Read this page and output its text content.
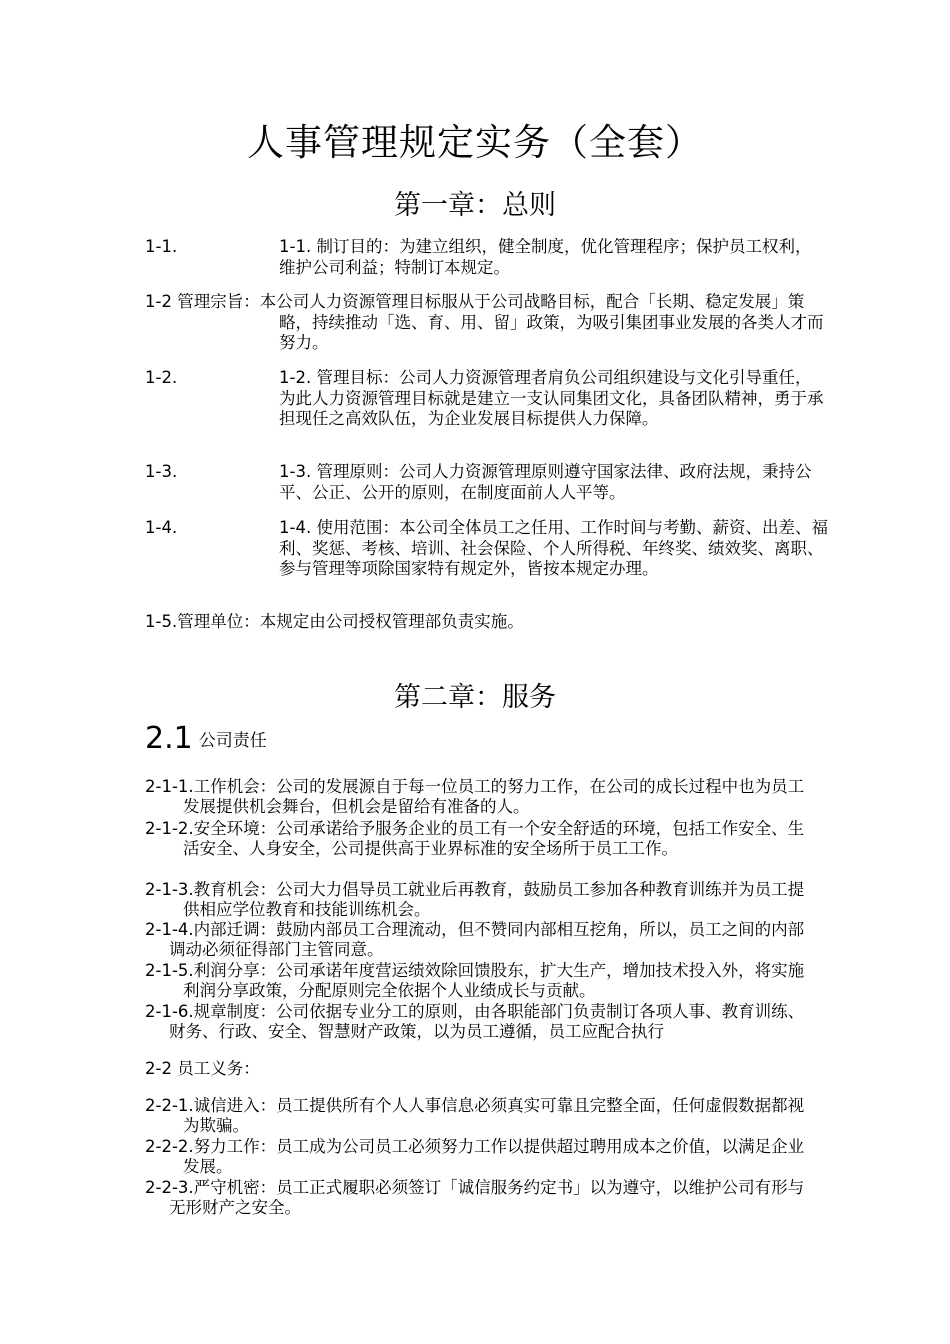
人事管理规定实务（全套）
第一章：总则
1-1.	1-1. 制订目的：为建立组织，健全制度，优化管理程序；保护员工权利，维护公司利益；特制订本规定。
1-2 管理宗旨：本公司人力资源管理目标服从于公司战略目标，配合「长期、稳定发展」策略，持续推动「选、育、用、留」政策，为吸引集团事业发展的各类人才而努力。
1-2.	1-2. 管理目标：公司人力资源管理者肩负公司组织建设与文化引导重任，为此人力资源管理目标就是建立一支认同集团文化，具备团队精神，勇于承担现任之高效队伍，为企业发展目标提供人力保障。
1-3.	1-3. 管理原则：公司人力资源管理原则遵守国家法律、政府法规，秉持公平、公正、公开的原则，在制度面前人人平等。
1-4.	1-4. 使用范围：本公司全体员工之任用、工作时间与考勤、薪资、出差、福利、奖惩、考核、培训、社会保险、个人所得税、年终奖、绩效奖、离职、参与管理等项除国家特有规定外，皆按本规定办理。
1-5.管理单位：本规定由公司授权管理部负责实施。
第二章：服务
2.1 公司责任
2-1-1.工作机会：公司的发展源自于每一位员工的努力工作，在公司的成长过程中也为员工发展提供机会舞台，但机会是留给有准备的人。
2-1-2.安全环境：公司承诺给予服务企业的员工有一个安全舒适的环境，包括工作安全、生活安全、人身安全，公司提供高于业界标准的安全场所于员工工作。
2-1-3.教育机会：公司大力倡导员工就业后再教育，鼓励员工参加各种教育训练并为员工提供相应学位教育和技能训练机会。
2-1-4.内部迁调：鼓励内部员工合理流动，但不赞同内部相互挖角，所以，员工之间的内部调动必须征得部门主管同意。
2-1-5.利润分享：公司承诺年度营运绩效除回馈股东，扩大生产，增加技术投入外，将实施利润分享政策，分配原则完全依据个人业绩成长与贡献。
2-1-6.规章制度：公司依据专业分工的原则，由各职能部门负责制订各项人事、教育训练、财务、行政、安全、智慧财产政策，以为员工遵循，员工应配合执行
2-2 员工义务：
2-2-1.诚信进入：员工提供所有个人人事信息必须真实可靠且完整全面，任何虚假数据都视为欺骗。
2-2-2.努力工作：员工成为公司员工必须努力工作以提供超过聘用成本之价值，以满足企业发展。
2-2-3.严守机密：员工正式履职必须签订「诚信服务约定书」以为遵守，以维护公司有形与无形财产之安全。
